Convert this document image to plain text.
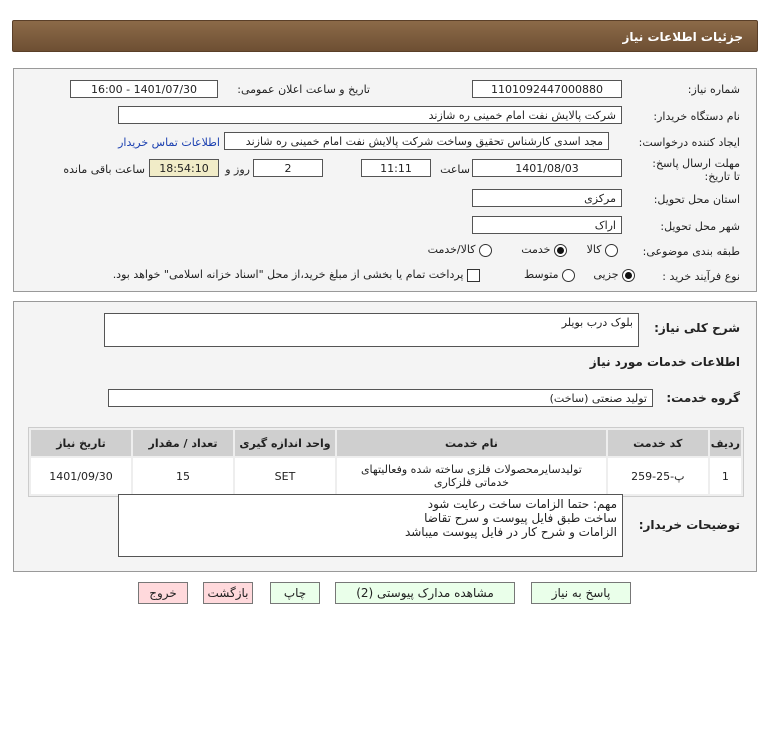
جزئیات اطلاعات نیاز
شماره نیاز:
1101092447000880
تاریخ و ساعت اعلان عمومی:
1401/07/30 - 16:00
نام دستگاه خریدار:
شرکت پالایش نفت امام خمینی ره شازند
ایجاد کننده درخواست:
مجد اسدی کارشناس تحقیق وساخت شرکت پالایش نفت امام خمینی ره شازند
اطلاعات تماس خریدار
مهلت ارسال پاسخ: تا تاریخ:
1401/08/03
ساعت
11:11
2
روز و
18:54:10
ساعت باقی مانده
استان محل تحویل:
مرکزی
شهر محل تحویل:
اراک
طبقه بندی موضوعی:
کالا
خدمت
کالا/خدمت
نوع فرآیند خرید :
جزیی
متوسط
پرداخت تمام یا بخشی از مبلغ خرید،از محل "اسناد خزانه اسلامی" خواهد بود.
شرح کلی نیاز:
بلوک درب بویلر
اطلاعات خدمات مورد نیاز
گروه خدمت:
تولید صنعتی (ساخت)
ردیف	کد خدمت	نام خدمت	واحد اندازه گیری	تعداد / مقدار	تاریخ نیاز
1	پ-25-259	تولیدسایرمحصولات فلزی ساخته شده وفعالیتهای خدماتی فلزکاری	SET	15	1401/09/30
توضیحات خریدار:
مهم: حتما الزامات ساخت رعایت شود
ساخت طبق فایل پیوست و سرح تقاضا
الزامات و شرح کار در فایل پیوست میباشد
پاسخ به نیاز
مشاهده مدارک پیوستی (2)
چاپ
بازگشت
خروج
